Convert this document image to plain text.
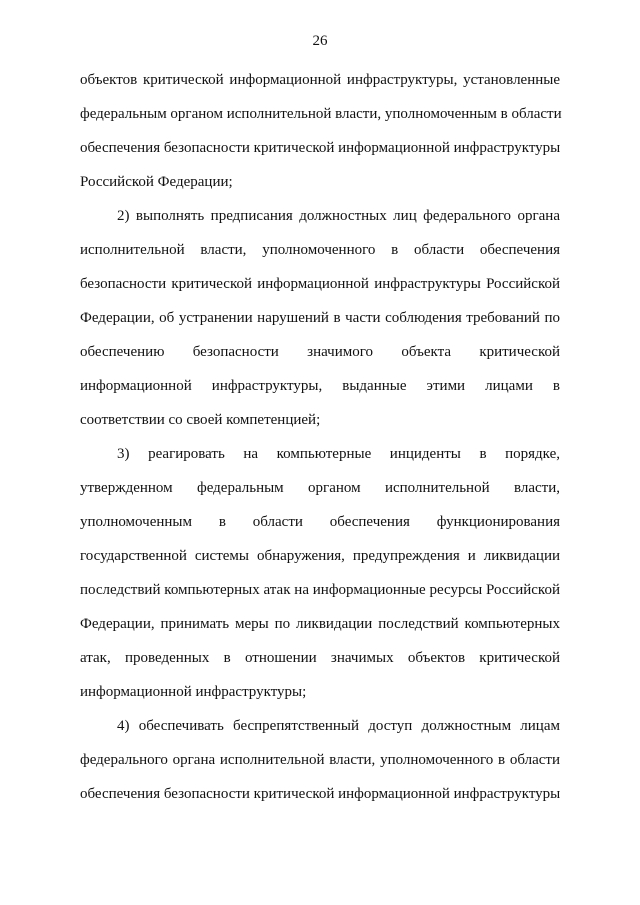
26
объектов критической информационной инфраструктуры, установленные
федеральным органом исполнительной власти, уполномоченным в области
обеспечения безопасности критической информационной инфраструктуры
Российской Федерации;
2) выполнять предписания должностных лиц федерального органа
исполнительной власти, уполномоченного в области обеспечения
безопасности критической информационной инфраструктуры Российской
Федерации, об устранении нарушений в части соблюдения требований по
обеспечению безопасности значимого объекта критической
информационной инфраструктуры, выданные этими лицами в
соответствии со своей компетенцией;
3) реагировать на компьютерные инциденты в порядке,
утвержденном федеральным органом исполнительной власти,
уполномоченным в области обеспечения функционирования
государственной системы обнаружения, предупреждения и ликвидации
последствий компьютерных атак на информационные ресурсы Российской
Федерации, принимать меры по ликвидации последствий компьютерных
атак, проведенных в отношении значимых объектов критической
информационной инфраструктуры;
4) обеспечивать беспрепятственный доступ должностным лицам
федерального органа исполнительной власти, уполномоченного в области
обеспечения безопасности критической информационной инфраструктуры
